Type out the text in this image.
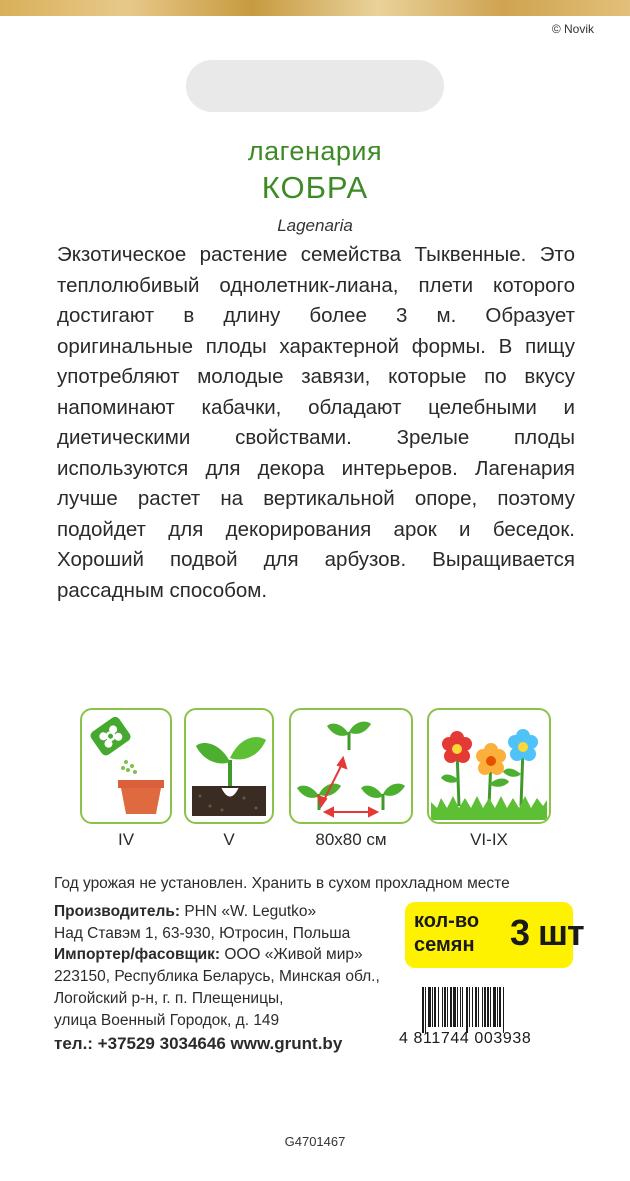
© Novik
лагенария
КОБРА
Lagenaria
Экзотическое растение семейства Тыквенные. Это теплолюбивый однолетник-лиана, плети которого достигают в длину более 3 м. Образует оригинальные плоды характерной формы. В пищу употребляют молодые завязи, которые по вкусу напоминают кабачки, обладают целебными и диетическими свойствами. Зрелые плоды используются для декора интерьеров. Лагенария лучше растет на вертикальной опоре, поэтому подойдет для декорирования арок и беседок. Хороший подвой для арбузов. Выращивается рассадным способом.
IV	V	80x80 см	VI-IX
Год урожая не установлен. Хранить в сухом прохладном месте
Производитель: PHN «W. Legutko»
Над Ставэм 1, 63-930, Ютросин, Польша
Импортер/фасовщик: ООО «Живой мир»
223150, Республика Беларусь, Минская обл.,
Логойский р-н, г. п. Плещеницы,
улица Военный Городок, д. 149
тел.: +37529 3034646 www.grunt.by
кол-во
семян 3 шт
4 811744 003938
G4701467
